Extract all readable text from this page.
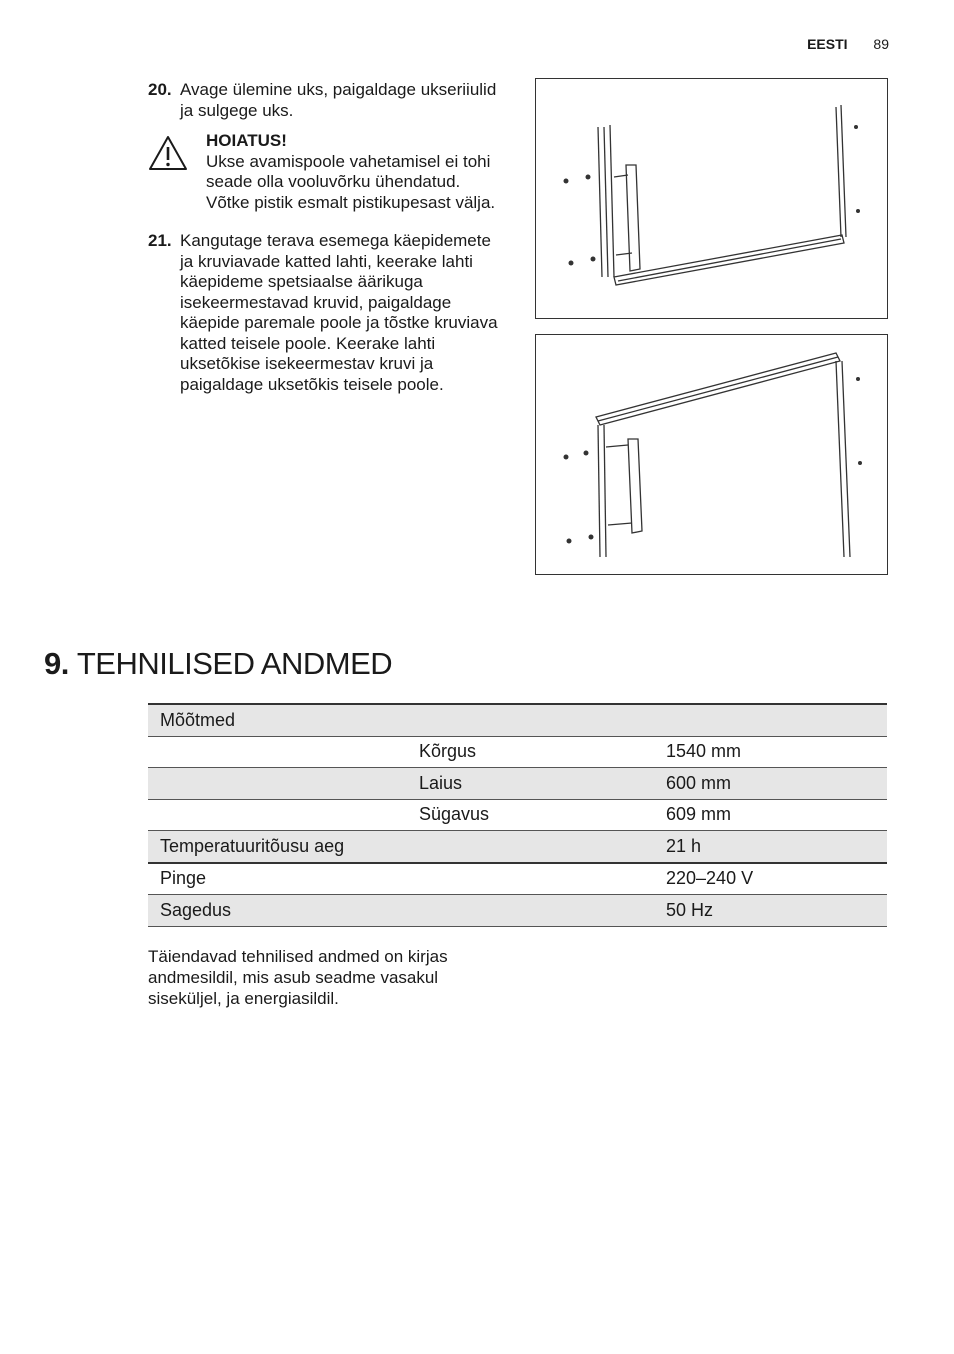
EESTI 89
20. Avage ülemine uks, paigaldage ukseriiulid ja sulgege uks.
HOIATUS!
Ukse avamispoole vahetamisel ei tohi seade olla vooluvõrku ühendatud. Võtke pistik esmalt pistikupesast välja.
21. Kangutage terava esemega käepidemete ja kruviavade katted lahti, keerake lahti käepideme spetsiaalse äärikuga isekeermestavad kruvid, paigaldage käepide paremale poole ja tõstke kruviava katted teisele poole. Keerake lahti uksetõkise isekeermestav kruvi ja paigaldage uksetõkis teisele poole.
9. TEHNILISED ANDMED
Mõõtmed		
	Kõrgus	1540 mm
	Laius	600 mm
	Sügavus	609 mm
Temperatuuritõusu aeg		21 h
Pinge		220–240 V
Sagedus		50 Hz
Täiendavad tehnilised andmed on kirjas andmesildil, mis asub seadme vasakul siseküljel, ja energiasildil.
